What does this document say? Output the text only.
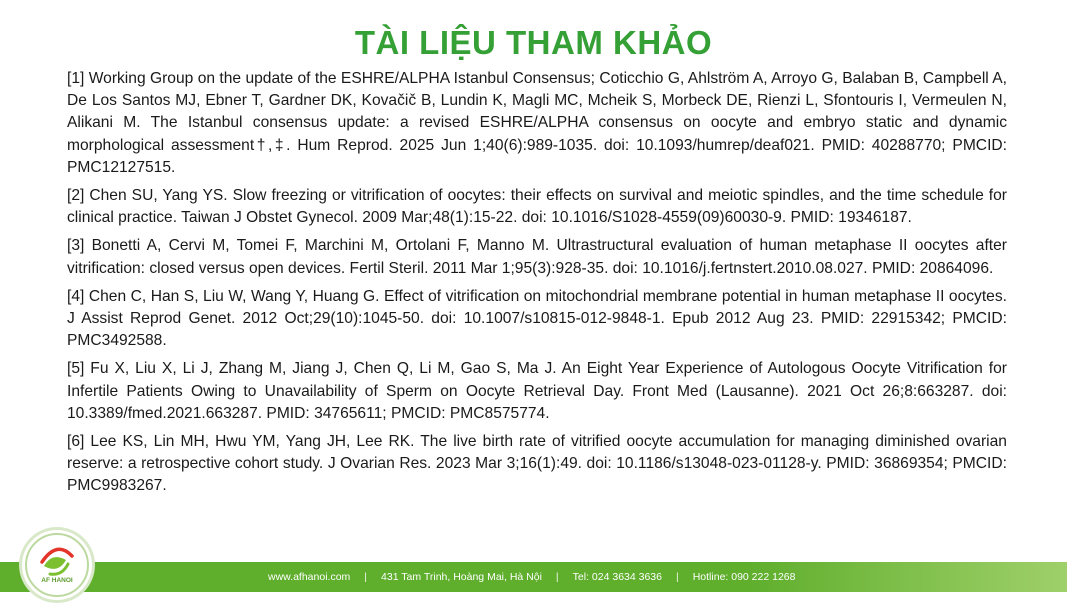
TÀI LIỆU THAM KHẢO

[1] Working Group on the update of the ESHRE/ALPHA Istanbul Consensus; Coticchio G, Ahlström A, Arroyo G, Balaban B, Campbell A, De Los Santos MJ, Ebner T, Gardner DK, Kovačič B, Lundin K, Magli MC, Mcheik S, Morbeck DE, Rienzi L, Sfontouris I, Vermeulen N, Alikani M. The Istanbul consensus update: a revised ESHRE/ALPHA consensus on oocyte and embryo static and dynamic morphological assessment†,‡. Hum Reprod. 2025 Jun 1;40(6):989-1035. doi: 10.1093/humrep/deaf021. PMID: 40288770; PMCID: PMC12127515.

[2] Chen SU, Yang YS. Slow freezing or vitrification of oocytes: their effects on survival and meiotic spindles, and the time schedule for clinical practice. Taiwan J Obstet Gynecol. 2009 Mar;48(1):15-22. doi: 10.1016/S1028-4559(09)60030-9. PMID: 19346187.

[3] Bonetti A, Cervi M, Tomei F, Marchini M, Ortolani F, Manno M. Ultrastructural evaluation of human metaphase II oocytes after vitrification: closed versus open devices. Fertil Steril. 2011 Mar 1;95(3):928-35. doi: 10.1016/j.fertnstert.2010.08.027. PMID: 20864096.

[4] Chen C, Han S, Liu W, Wang Y, Huang G. Effect of vitrification on mitochondrial membrane potential in human metaphase II oocytes. J Assist Reprod Genet. 2012 Oct;29(10):1045-50. doi: 10.1007/s10815-012-9848-1. Epub 2012 Aug 23. PMID: 22915342; PMCID: PMC3492588.

[5] Fu X, Liu X, Li J, Zhang M, Jiang J, Chen Q, Li M, Gao S, Ma J. An Eight Year Experience of Autologous Oocyte Vitrification for Infertile Patients Owing to Unavailability of Sperm on Oocyte Retrieval Day. Front Med (Lausanne). 2021 Oct 26;8:663287. doi: 10.3389/fmed.2021.663287. PMID: 34765611; PMCID: PMC8575774.

[6] Lee KS, Lin MH, Hwu YM, Yang JH, Lee RK. The live birth rate of vitrified oocyte accumulation for managing diminished ovarian reserve: a retrospective cohort study. J Ovarian Res. 2023 Mar 3;16(1):49. doi: 10.1186/s13048-023-01128-y. PMID: 36869354; PMCID: PMC9983267.

www.afhanoi.com | 431 Tam Trinh, Hoàng Mai, Hà Nội | Tel: 024 3634 3636 | Hotline: 090 222 1268
AF HANOI
